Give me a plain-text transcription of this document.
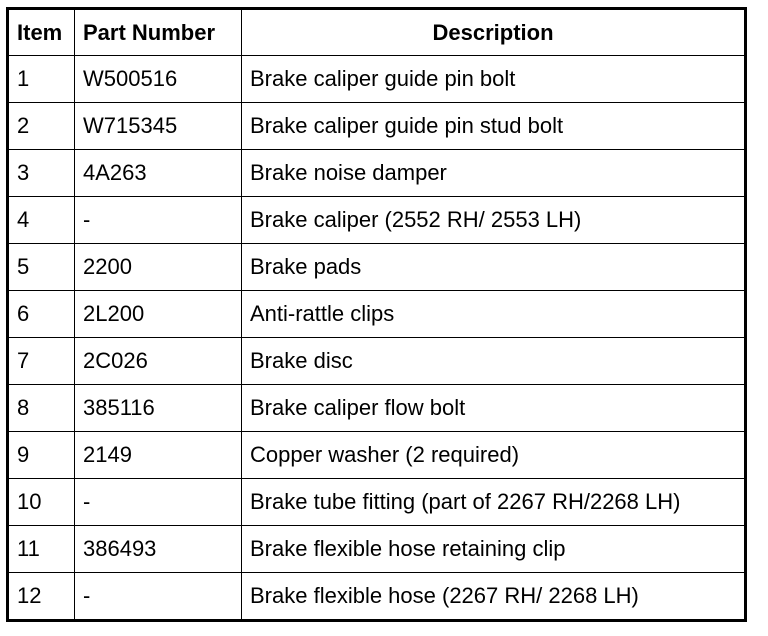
Item	Part Number	Description
1	W500516	Brake caliper guide pin bolt
2	W715345	Brake caliper guide pin stud bolt
3	4A263	Brake noise damper
4	-	Brake caliper (2552 RH/ 2553 LH)
5	2200	Brake pads
6	2L200	Anti-rattle clips
7	2C026	Brake disc
8	385116	Brake caliper flow bolt
9	2149	Copper washer (2 required)
10	-	Brake tube fitting (part of 2267 RH/2268 LH)
11	386493	Brake flexible hose retaining clip
12	-	Brake flexible hose (2267 RH/ 2268 LH)
